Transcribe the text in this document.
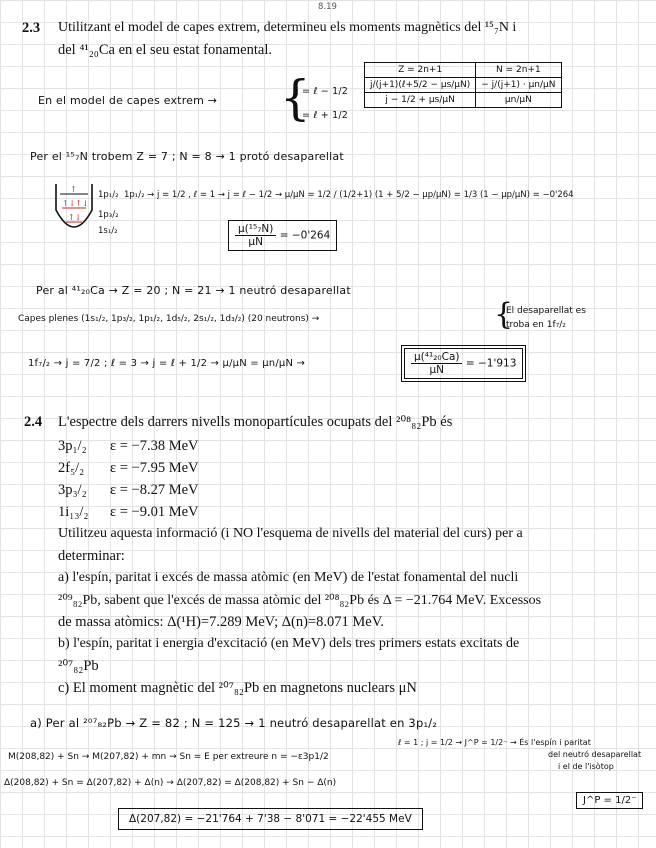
8.19
2.3 Utilitzant el model de capes extrem, determineu els moments magnètics del ¹⁵₇N i
del ⁴¹₂₀Ca en el seu estat fonamental.
En el model de capes extrem → {
j = ℓ − 1/2
j = ℓ + 1/2
Z = 2n+1	N = 2n+1
j/(j+1)(ℓ+5/2 − μs/μN)	− j/(j+1) · μn/μN
j − 1/2 + μs/μN	μn/μN
Per el ¹⁵₇N trobem Z = 7 ; N = 8 → 1 protó desaparellat
↑
↑↓↑↓
↑↓
1p₁/₂
1p₃/₂
1s₁/₂
1p₁/₂ → j = 1/2 , ℓ = 1 → j = ℓ − 1/2 → μ/μN = 1/2 / (1/2+1) (1 + 5/2 − μp/μN) = 1/3 (1 − μp/μN) = −0'264
$\frac{\text{μ(¹⁵₇N)}}{\mu N} = -0'264$
Per al ⁴¹₂₀Ca → Z = 20 ; N = 21 → 1 neutró desaparellat
Capes plenes (1s₁/₂, 1p₃/₂, 1p₁/₂, 1d₅/₂, 2s₁/₂, 1d₃/₂) (20 neutrons) →	{
El desaparellat es
troba en 1f₇/₂
1f₇/₂ → j = 7/2 ; ℓ = 3 → j = ℓ + 1/2 → μ/μN = μn/μN →	$\frac{\text{μ(⁴¹₂₀Ca)}}{\mu N} = -1'913$
2.4 L'espectre dels darrers nivells monopartícules ocupats del ²⁰⁸₈₂Pb és
3p₁/₂ ε = −7.38 MeV
2f₅/₂ ε = −7.95 MeV
3p₃/₂ ε = −8.27 MeV
1i₁₃/₂ ε = −9.01 MeV
Utilitzeu aquesta informació (i NO l'esquema de nivells del material del curs) per a
determinar:
a) l'espín, paritat i excés de massa atòmic (en MeV) de l'estat fonamental del nucli
²⁰⁹₈₂Pb, sabent que l'excés de massa atòmic del ²⁰⁸₈₂Pb és Δ = −21.764 MeV. Excessos
de massa atòmics: Δ(¹H)=7.289 MeV; Δ(n)=8.071 MeV.
b) l'espín, paritat i energia d'excitació (en MeV) dels tres primers estats excitats de
²⁰⁷₈₂Pb
c) El moment magnètic del ²⁰⁷₈₂Pb en magnetons nuclears μN
a) Per al ²⁰⁷₈₂Pb → Z = 82 ; N = 125 → 1 neutró desaparellat en 3p₁/₂
ℓ = 1 ; j = 1/2 → J^P = 1/2⁻ → És l'espín i paritat
del neutró desaparellat
i el de l'isòtop
M(208,82) + Sn → M(207,82) + mn → Sn = E per extreure n = −ε3p1/2
Δ(208,82) + Sn = Δ(207,82) + Δ(n) → Δ(207,82) = Δ(208,82) + Sn − Δ(n)
J^P = 1/2⁻
Δ(207,82) = −21'764 + 7'38 − 8'071 = −22'455 MeV
